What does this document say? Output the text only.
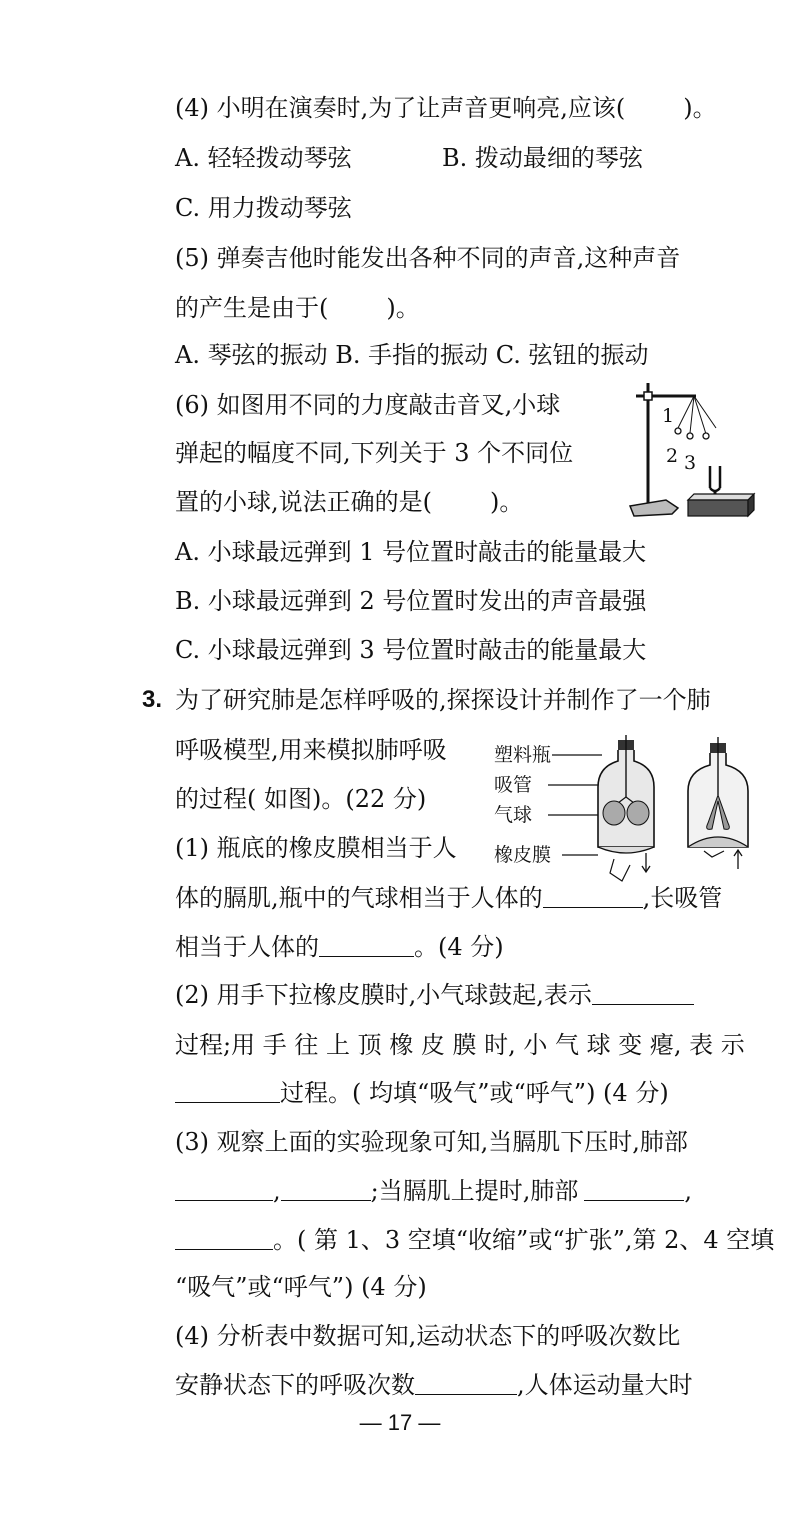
(4) 小明在演奏时,为了让声音更响亮,应该( )。
A. 轻轻拨动琴弦	B. 拨动最细的琴弦
C. 用力拨动琴弦
(5) 弹奏吉他时能发出各种不同的声音,这种声音
的产生是由于( )。
A. 琴弦的振动 B. 手指的振动 C. 弦钮的振动
(6) 如图用不同的力度敲击音叉,小球
弹起的幅度不同,下列关于 3 个不同位
置的小球,说法正确的是( )。
1
2 3
A. 小球最远弹到 1 号位置时敲击的能量最大
B. 小球最远弹到 2 号位置时发出的声音最强
C. 小球最远弹到 3 号位置时敲击的能量最大
3. 为了研究肺是怎样呼吸的,探探设计并制作了一个肺
呼吸模型,用来模拟肺呼吸
的过程( 如图)。(22 分)
塑料瓶
吸管
气球
橡皮膜
(1) 瓶底的橡皮膜相当于人
体的膈肌,瓶中的气球相当于人体的	,长吸管
相当于人体的	。(4 分)
(2) 用手下拉橡皮膜时,小气球鼓起,表示
过程;用 手 往 上 顶 橡 皮 膜 时, 小 气 球 变 瘪, 表 示
过程。( 均填“吸气”或“呼气”) (4 分)
(3) 观察上面的实验现象可知,当膈肌下压时,肺部
,	;当膈肌上提时,肺部	,
。( 第 1、3 空填“收缩”或“扩张”,第 2、4 空填
“吸气”或“呼气”) (4 分)
(4) 分析表中数据可知,运动状态下的呼吸次数比
安静状态下的呼吸次数	,人体运动量大时
— 17 —
